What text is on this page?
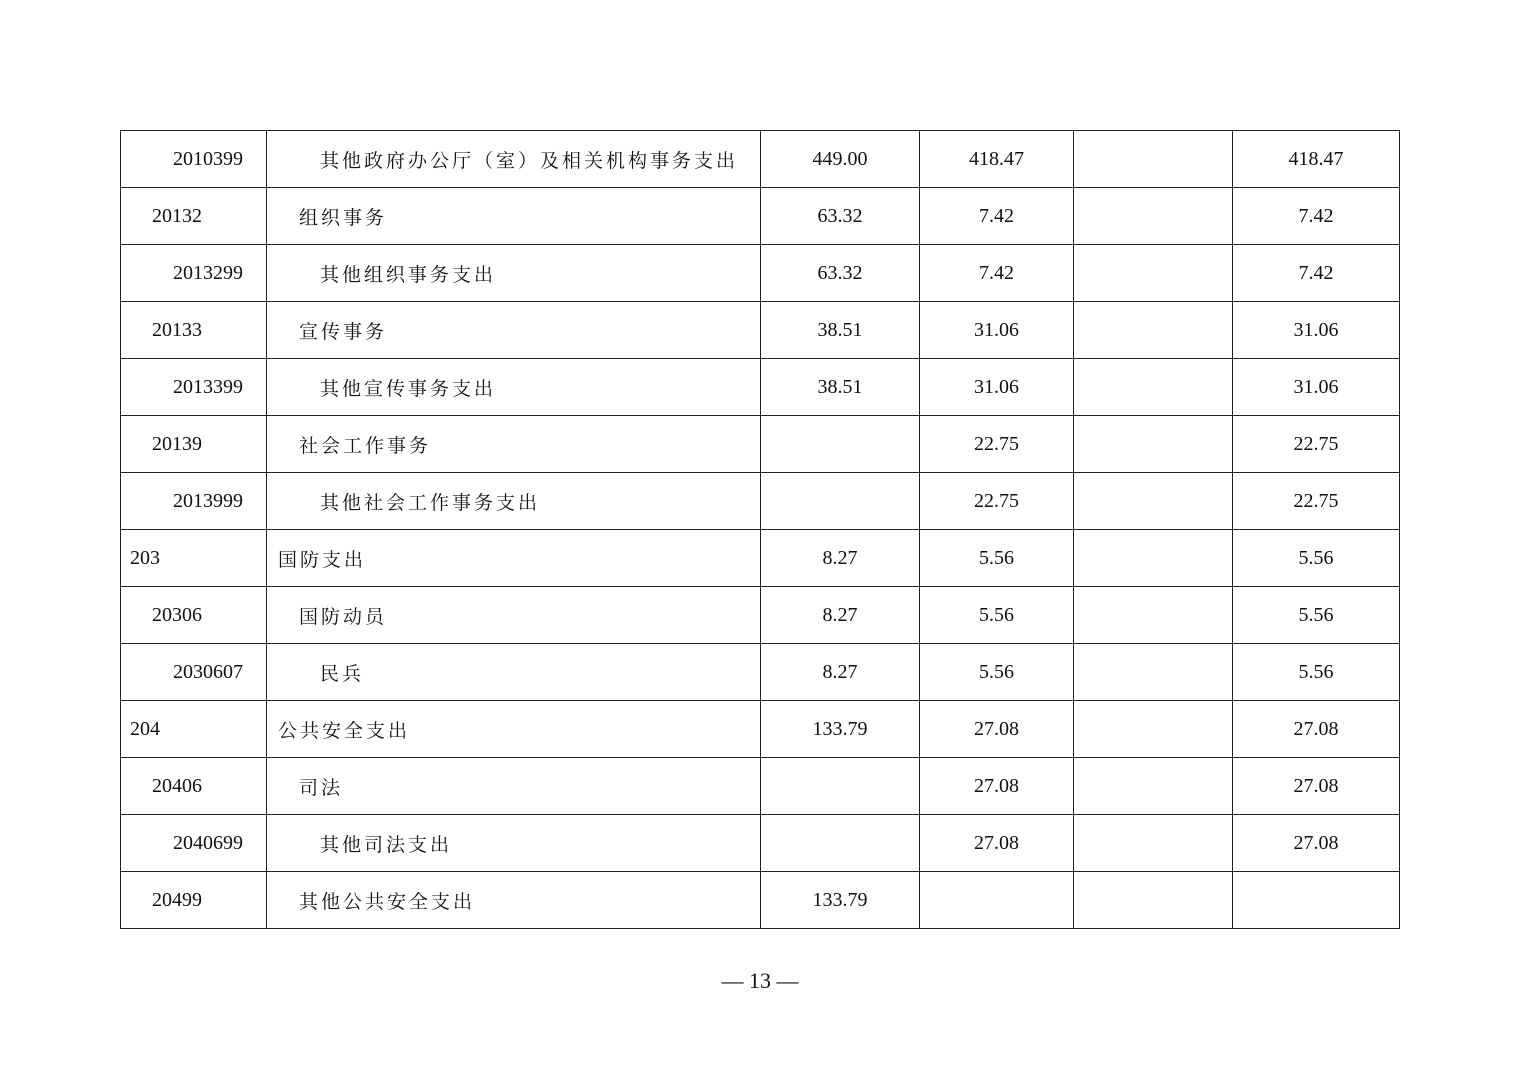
2010399	其他政府办公厅（室）及相关机构事务支出	449.00	418.47		418.47
20132	组织事务	63.32	7.42		7.42
2013299	其他组织事务支出	63.32	7.42		7.42
20133	宣传事务	38.51	31.06		31.06
2013399	其他宣传事务支出	38.51	31.06		31.06
20139	社会工作事务		22.75		22.75
2013999	其他社会工作事务支出		22.75		22.75
203	国防支出	8.27	5.56		5.56
20306	国防动员	8.27	5.56		5.56
2030607	民兵	8.27	5.56		5.56
204	公共安全支出	133.79	27.08		27.08
20406	司法		27.08		27.08
2040699	其他司法支出		27.08		27.08
20499	其他公共安全支出	133.79			
— 13 —
